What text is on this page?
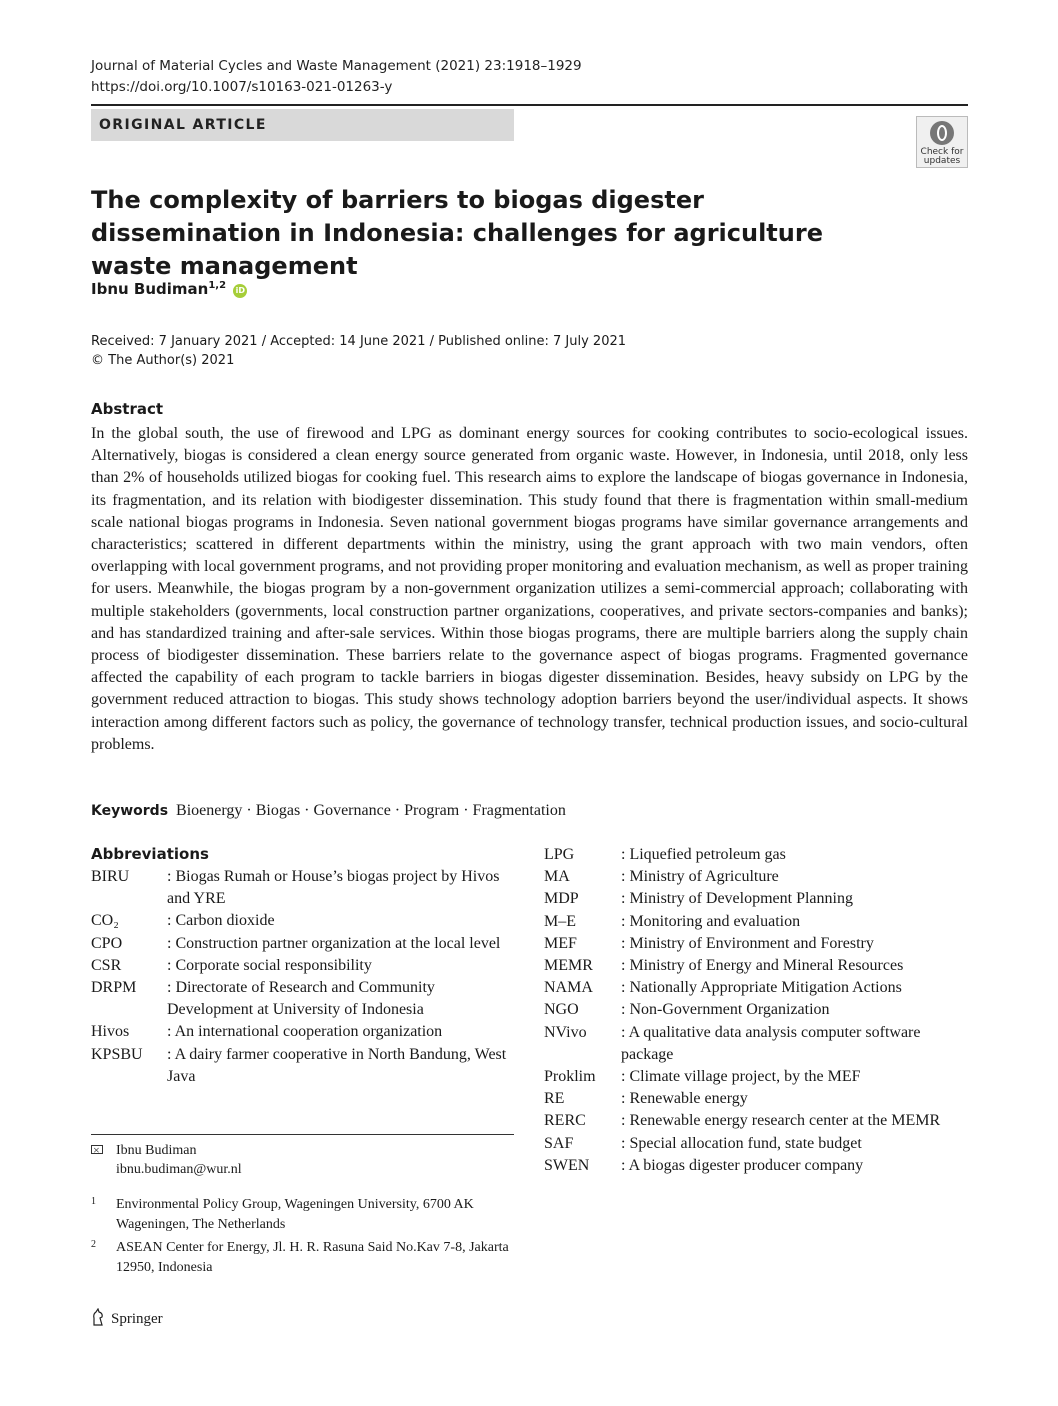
Journal of Material Cycles and Waste Management (2021) 23:1918–1929
https://doi.org/10.1007/s10163-021-01263-y
ORIGINAL ARTICLE
Check for
updates
The complexity of barriers to biogas digester dissemination in Indonesia: challenges for agriculture waste management
Ibnu Budiman$^{1,2}$ iD
Received: 7 January 2021 / Accepted: 14 June 2021 / Published online: 7 July 2021
© The Author(s) 2021
Abstract
In the global south, the use of firewood and LPG as dominant energy sources for cooking contributes to socio-ecological issues. Alternatively, biogas is considered a clean energy source generated from organic waste. However, in Indonesia, until 2018, only less than 2% of households utilized biogas for cooking fuel. This research aims to explore the landscape of biogas governance in Indonesia, its fragmentation, and its relation with biodigester dissemination. This study found that there is fragmentation within small-medium scale national biogas programs in Indonesia. Seven national government biogas programs have similar governance arrangements and characteristics; scattered in different departments within the ministry, using the grant approach with two main vendors, often overlapping with local government programs, and not providing proper monitoring and evaluation mechanism, as well as proper training for users. Meanwhile, the biogas program by a non-government organization utilizes a semi-commercial approach; collaborating with multiple stakeholders (governments, local construction partner organizations, cooperatives, and private sectors-companies and banks); and has standardized training and after-sale services. Within those biogas programs, there are multiple barriers along the supply chain process of biodigester dissemination. These barriers relate to the governance aspect of biogas programs. Fragmented governance affected the capability of each program to tackle barriers in biogas digester dissemination. Besides, heavy subsidy on LPG by the government reduced attraction to biogas. This study shows technology adoption barriers beyond the user/individual aspects. It shows interaction among different factors such as policy, the governance of technology transfer, technical production issues, and socio-cultural problems.
Keywords Bioenergy · Biogas · Governance · Program · Fragmentation
Abbreviations
BIRU	: Biogas Rumah or House’s biogas project by Hivos and YRE
CO₂	: Carbon dioxide
CPO	: Construction partner organization at the local level
CSR	: Corporate social responsibility
DRPM	: Directorate of Research and Community Development at University of Indonesia
Hivos	: An international cooperation organization
KPSBU	: A dairy farmer cooperative in North Bandung, West Java
LPG	: Liquefied petroleum gas
MA	: Ministry of Agriculture
MDP	: Ministry of Development Planning
M–E	: Monitoring and evaluation
MEF	: Ministry of Environment and Forestry
MEMR	: Ministry of Energy and Mineral Resources
NAMA	: Nationally Appropriate Mitigation Actions
NGO	: Non-Government Organization
NVivo	: A qualitative data analysis computer software package
Proklim	: Climate village project, by the MEF
RE	: Renewable energy
RERC	: Renewable energy research center at the MEMR
SAF	: Special allocation fund, state budget
SWEN	: A biogas digester producer company
×
Ibnu Budiman
ibnu.budiman@wur.nl
1 Environmental Policy Group, Wageningen University, 6700 AK Wageningen, The Netherlands
2 ASEAN Center for Energy, Jl. H. R. Rasuna Said No.Kav 7-8, Jakarta 12950, Indonesia
Springer
